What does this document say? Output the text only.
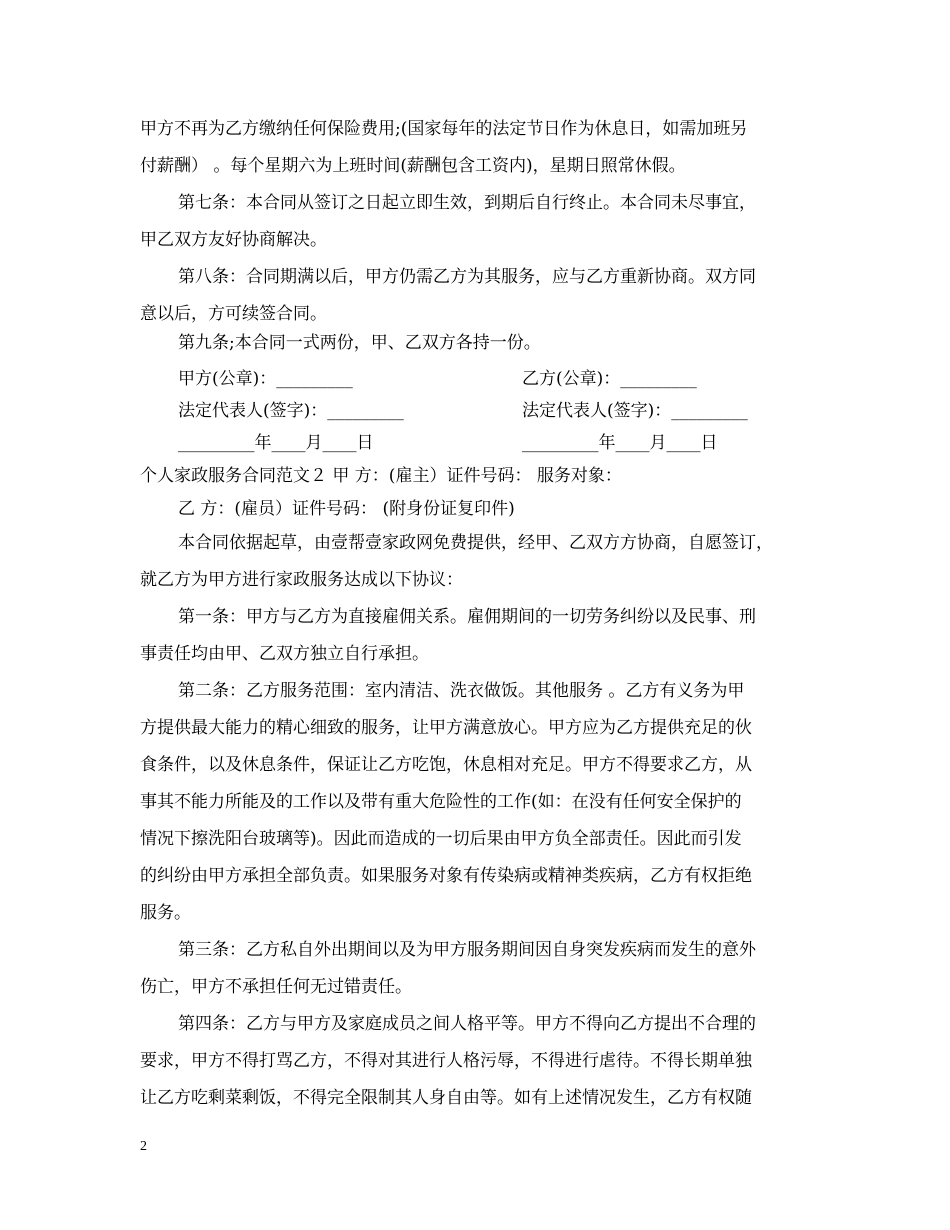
甲方不再为乙方缴纳任何保险费用;(国家每年的法定节日作为休息日，如需加班另
付薪酬） 。每个星期六为上班时间(薪酬包含工资内)，星期日照常休假。
第七条：本合同从签订之日起立即生效，到期后自行终止。本合同未尽事宜，
甲乙双方友好协商解决。
第八条：合同期满以后，甲方仍需乙方为其服务，应与乙方重新协商。双方同
意以后，方可续签合同。
第九条;本合同一式两份，甲、乙双方各持一份。
甲方(公章)：_________	乙方(公章)：_________
法定代表人(签字)：_________	法定代表人(签字)：_________
_________年____月____日	_________年____月____日
个人家政服务合同范文２ 甲 方：(雇主）证件号码： 服务对象：
乙 方：(雇员）证件号码： (附身份证复印件)
本合同依据起草，由壹帮壹家政网免费提供，经甲、乙双方方协商，自愿签订，
就乙方为甲方进行家政服务达成以下协议：
第一条：甲方与乙方为直接雇佣关系。雇佣期间的一切劳务纠纷以及民事、刑
事责任均由甲、乙双方独立自行承担。
第二条：乙方服务范围：室内清洁、洗衣做饭。其他服务 。乙方有义务为甲
方提供最大能力的精心细致的服务，让甲方满意放心。甲方应为乙方提供充足的伙
食条件，以及休息条件，保证让乙方吃饱，休息相对充足。甲方不得要求乙方，从
事其不能力所能及的工作以及带有重大危险性的工作(如：在没有任何安全保护的
情况下擦洗阳台玻璃等)。因此而造成的一切后果由甲方负全部责任。因此而引发
的纠纷由甲方承担全部负责。如果服务对象有传染病或精神类疾病，乙方有权拒绝
服务。
第三条：乙方私自外出期间以及为甲方服务期间因自身突发疾病而发生的意外
伤亡，甲方不承担任何无过错责任。
第四条：乙方与甲方及家庭成员之间人格平等。甲方不得向乙方提出不合理的
要求，甲方不得打骂乙方，不得对其进行人格污辱，不得进行虐待。不得长期单独
让乙方吃剩菜剩饭，不得完全限制其人身自由等。如有上述情况发生，乙方有权随
2
